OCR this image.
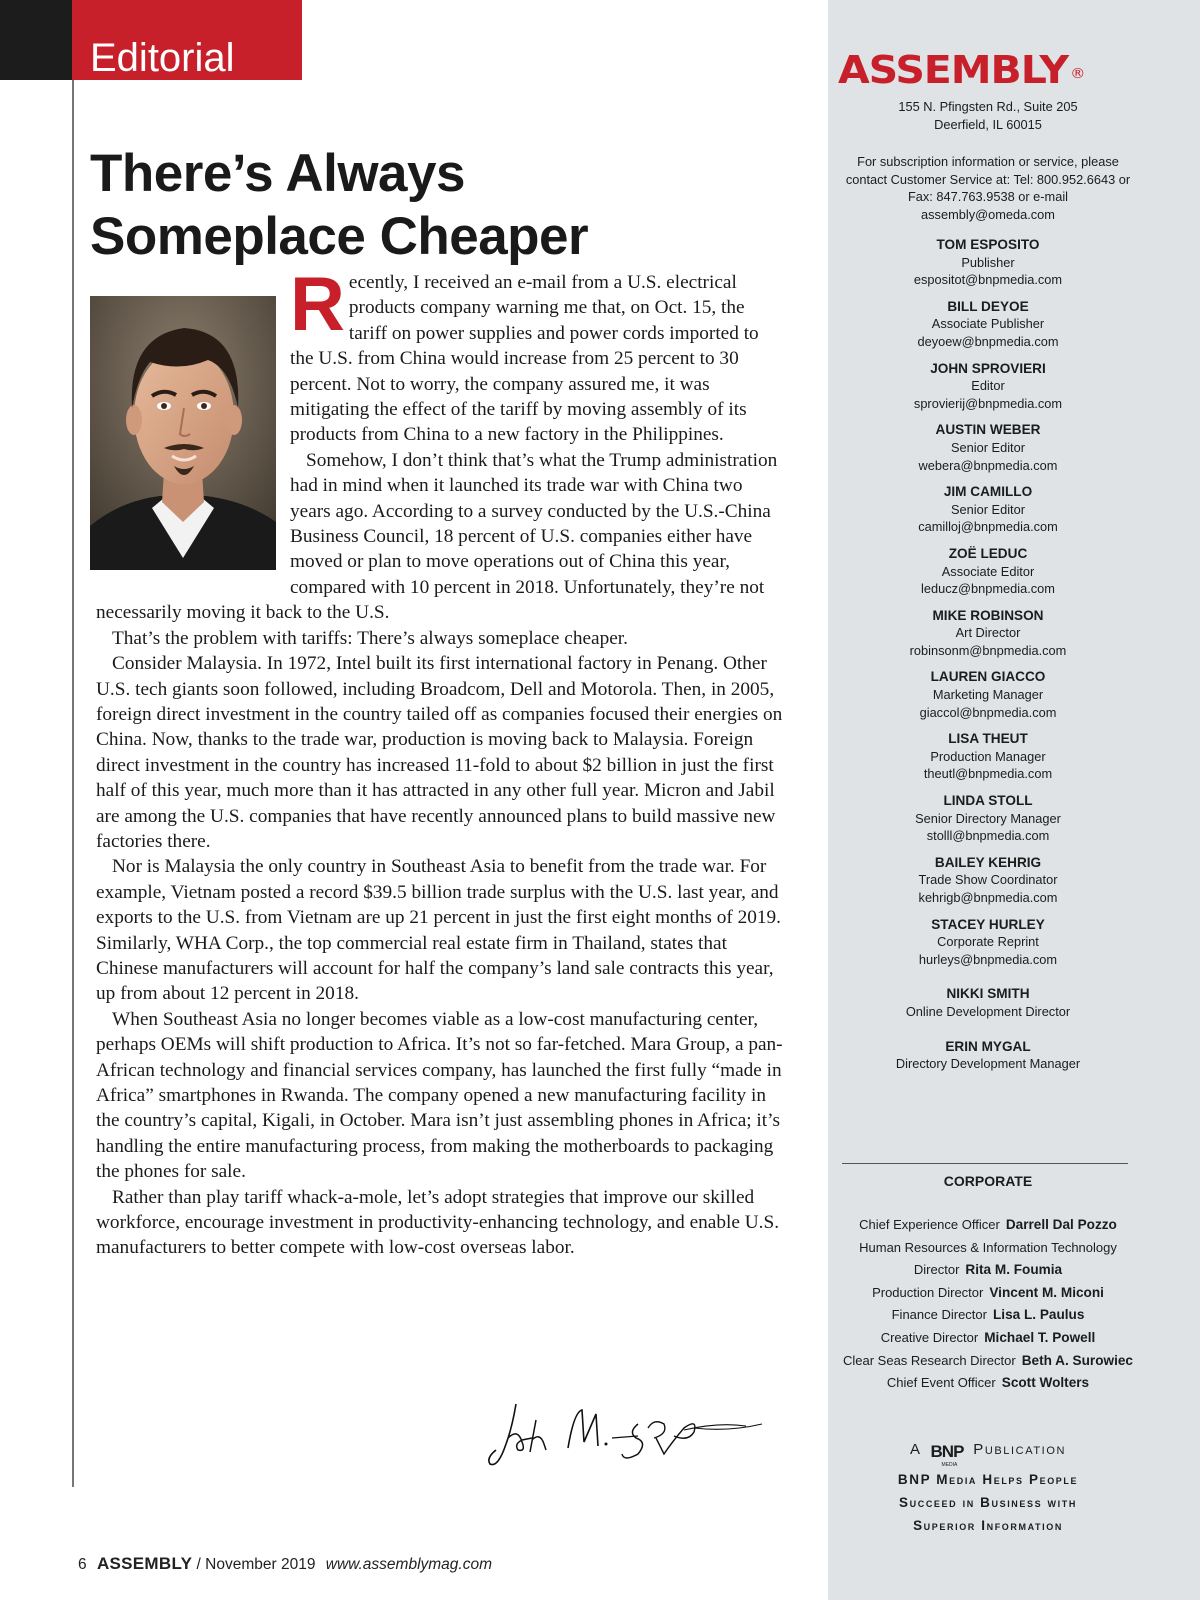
Editorial
There’s Always
Someplace Cheaper

Recently, I received an e-mail from a U.S. electrical products company warning me that, on Oct. 15, the tariff on power supplies and power cords imported to the U.S. from China would increase from 25 percent to 30 percent. Not to worry, the company assured me, it was mitigating the effect of the tariff by moving assembly of its products from China to a new factory in the Philippines.

Somehow, I don’t think that’s what the Trump administration had in mind when it launched its trade war with China two years ago. According to a survey conducted by the U.S.-China Business Council, 18 percent of U.S. companies either have moved or plan to move operations out of China this year, compared with 10 percent in 2018. Unfortunately, they’re not necessarily moving it back to the U.S.

That’s the problem with tariffs: There’s always someplace cheaper.

Consider Malaysia. In 1972, Intel built its first international factory in Penang. Other U.S. tech giants soon followed, including Broadcom, Dell and Motorola. Then, in 2005, foreign direct investment in the country tailed off as companies focused their energies on China. Now, thanks to the trade war, production is moving back to Malaysia. Foreign direct investment in the country has increased 11-fold to about $2 billion in just the first half of this year, much more than it has attracted in any other full year. Micron and Jabil are among the U.S. companies that have recently announced plans to build massive new factories there.

Nor is Malaysia the only country in Southeast Asia to benefit from the trade war. For example, Vietnam posted a record $39.5 billion trade surplus with the U.S. last year, and exports to the U.S. from Vietnam are up 21 percent in just the first eight months of 2019. Similarly, WHA Corp., the top commercial real estate firm in Thailand, states that Chinese manufacturers will account for half the company’s land sale contracts this year, up from about 12 percent in 2018.

When Southeast Asia no longer becomes viable as a low-cost manufacturing center, perhaps OEMs will shift production to Africa. It’s not so far-fetched. Mara Group, a pan-African technology and financial services company, has launched the first fully “made in Africa” smartphones in Rwanda. The company opened a new manufacturing facility in the country’s capital, Kigali, in October. Mara isn’t just assembling phones in Africa; it’s handling the entire manufacturing process, from making the motherboards to packaging the phones for sale.

Rather than play tariff whack-a-mole, let’s adopt strategies that improve our skilled workforce, encourage investment in productivity-enhancing technology, and enable U.S. manufacturers to better compete with low-cost overseas labor.

6 ASSEMBLY / November 2019 www.assemblymag.com
ASSEMBLY ®
155 N. Pfingsten Rd., Suite 205
Deerfield, IL 60015
For subscription information or service, please
contact Customer Service at: Tel: 800.952.6643 or
Fax: 847.763.9538 or e-mail
assembly@omeda.com
TOM ESPOSITO
Publisher
espositot@bnpmedia.com
BILL DEYOE
Associate Publisher
deyoew@bnpmedia.com
JOHN SPROVIERI
Editor
sprovierij@bnpmedia.com
AUSTIN WEBER
Senior Editor
webera@bnpmedia.com
JIM CAMILLO
Senior Editor
camilloj@bnpmedia.com
ZOË LEDUC
Associate Editor
leducz@bnpmedia.com
MIKE ROBINSON
Art Director
robinsonm@bnpmedia.com
LAUREN GIACCO
Marketing Manager
giaccol@bnpmedia.com
LISA THEUT
Production Manager
theutl@bnpmedia.com
LINDA STOLL
Senior Directory Manager
stolll@bnpmedia.com
BAILEY KEHRIG
Trade Show Coordinator
kehrigb@bnpmedia.com
STACEY HURLEY
Corporate Reprint
hurleys@bnpmedia.com
NIKKI SMITH
Online Development Director
ERIN MYGAL
Directory Development Manager
CORPORATE
Chief Experience Officer Darrell Dal Pozzo
Human Resources & Information Technology
Director Rita M. Foumia
Production Director Vincent M. Miconi
Finance Director Lisa L. Paulus
Creative Director Michael T. Powell
Clear Seas Research Director Beth A. Surowiec
Chief Event Officer Scott Wolters
A bnp
media
Publication
BNP Media Helps People
Succeed in Business with
Superior Information
